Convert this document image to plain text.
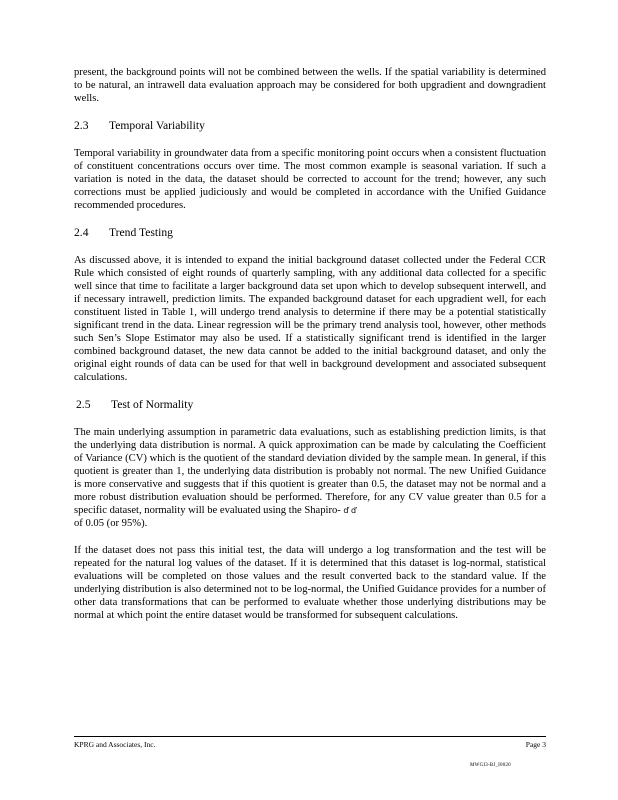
present, the background points will not be combined between the wells. If the spatial variability is determined to be natural, an intrawell data evaluation approach may be considered for both upgradient and downgradient wells.

2.3	Temporal Variability

Temporal variability in groundwater data from a specific monitoring point occurs when a consistent fluctuation of constituent concentrations occurs over time. The most common example is seasonal variation. If such a variation is noted in the data, the dataset should be corrected to account for the trend; however, any such corrections must be applied judiciously and would be completed in accordance with the Unified Guidance recommended procedures.

2.4	Trend Testing

As discussed above, it is intended to expand the initial background dataset collected under the Federal CCR Rule which consisted of eight rounds of quarterly sampling, with any additional data collected for a specific well since that time to facilitate a larger background data set upon which to develop subsequent interwell, and if necessary intrawell, prediction limits. The expanded background dataset for each upgradient well, for each constituent listed in Table 1, will undergo trend analysis to determine if there may be a potential statistically significant trend in the data. Linear regression will be the primary trend analysis tool, however, other methods such Sen’s Slope Estimator may also be used. If a statistically significant trend is identified in the larger combined background dataset, the new data cannot be added to the initial background dataset, and only the original eight rounds of data can be used for that well in background development and associated subsequent calculations.

2.5	Test of Normality

The main underlying assumption in parametric data evaluations, such as establishing prediction limits, is that the underlying data distribution is normal. A quick approximation can be made by calculating the Coefficient of Variance (CV) which is the quotient of the standard deviation divided by the sample mean. In general, if this quotient is greater than 1, the underlying data distribution is probably not normal. The new Unified Guidance is more conservative and suggests that if this quotient is greater than 0.5, the dataset may not be normal and a more robust distribution evaluation should be performed. Therefore, for any CV value greater than 0.5 for a specific dataset, normality will be evaluated using the Shapiro- ď ď
of 0.05 (or 95%).

If the dataset does not pass this initial test, the data will undergo a log transformation and the test will be repeated for the natural log values of the dataset. If it is determined that this dataset is log-normal, statistical evaluations will be completed on those values and the result converted back to the standard value. If the underlying distribution is also determined not to be log-normal, the Unified Guidance provides for a number of other data transformations that can be performed to evaluate whether those underlying distributions may be normal at which point the entire dataset would be transformed for subsequent calculations.

KPRG and Associates, Inc.	Page 3
MWGI3-BJ_I0020
